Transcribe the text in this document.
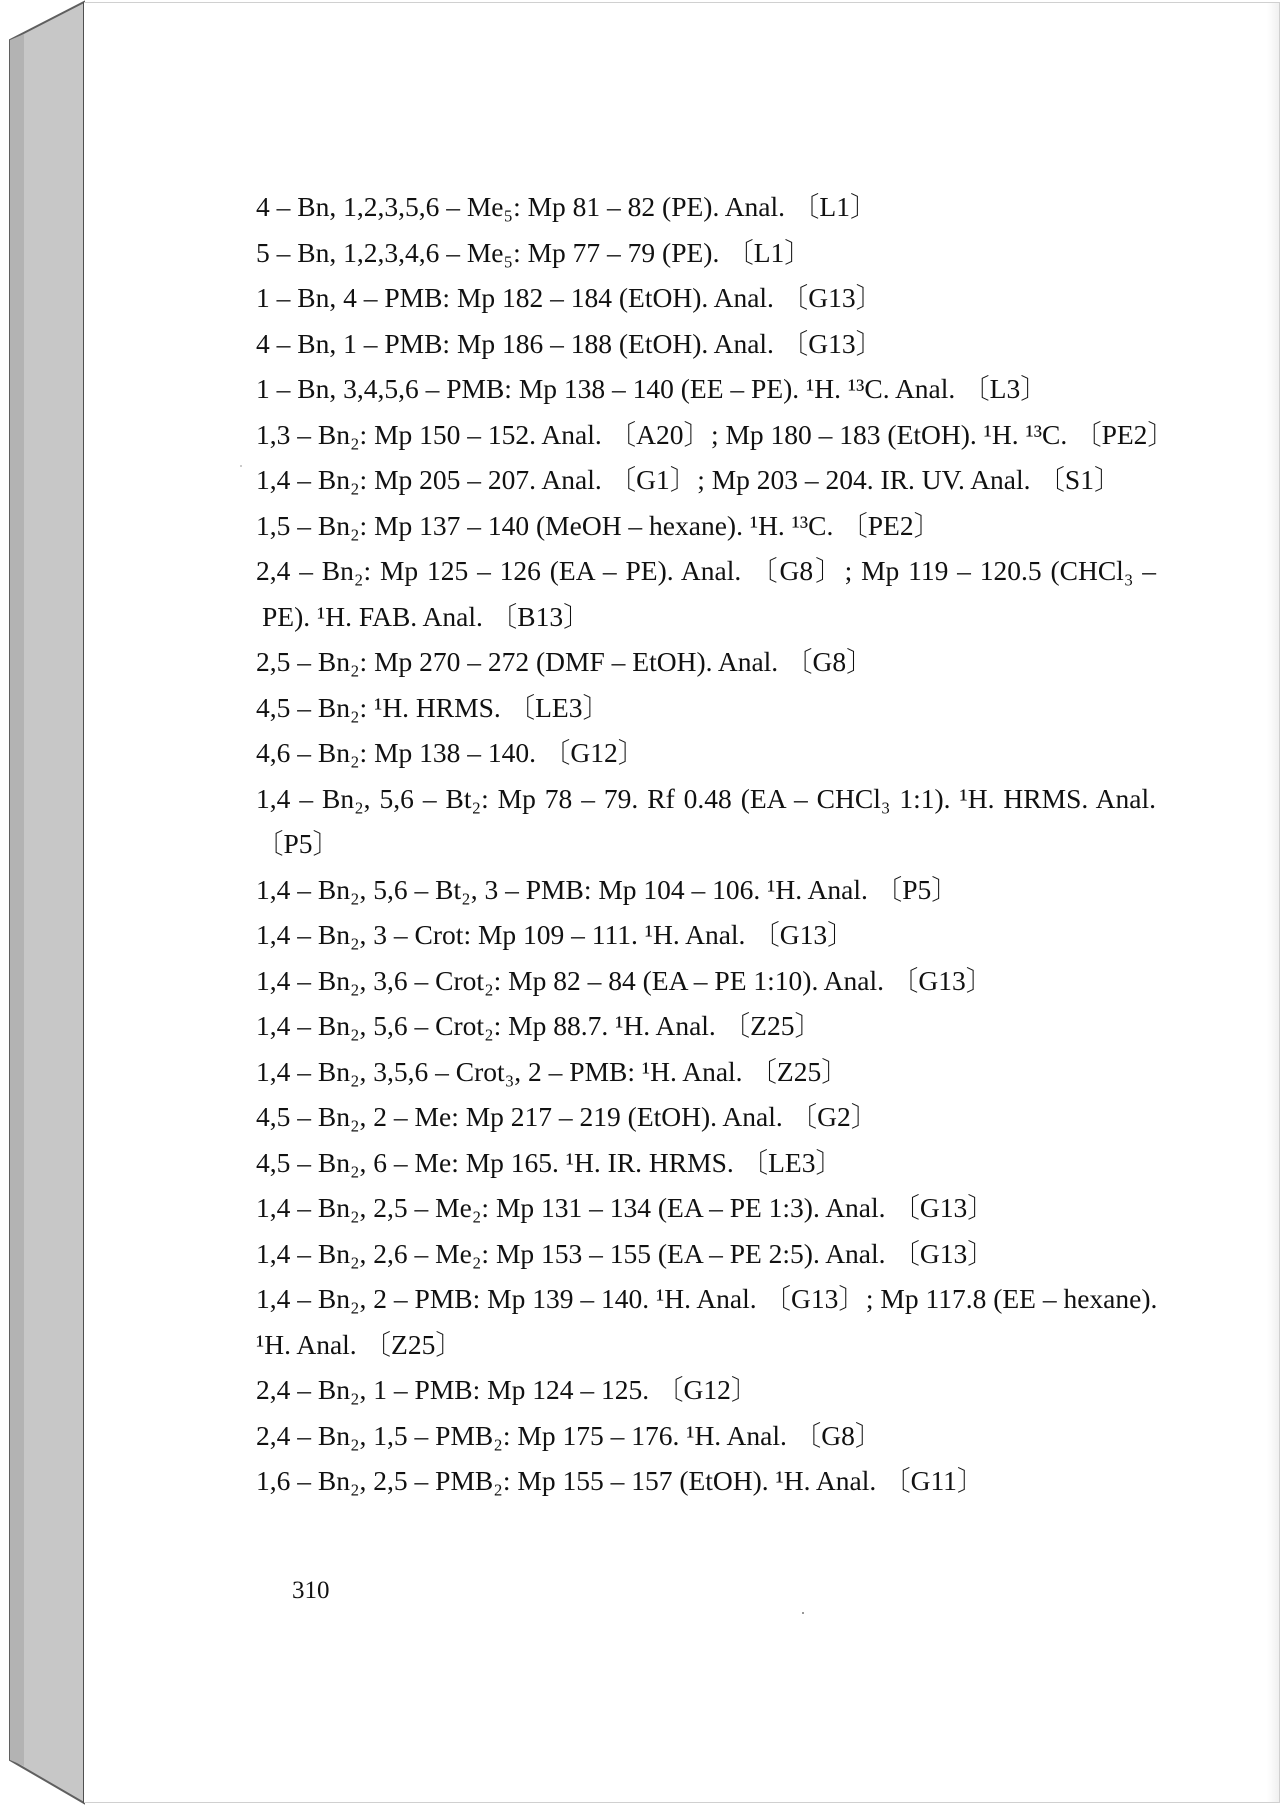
4 – Bn, 1,2,3,5,6 – Me₅: Mp 81 – 82 (PE). Anal. 〔L1〕
5 – Bn, 1,2,3,4,6 – Me₅: Mp 77 – 79 (PE). 〔L1〕
1 – Bn, 4 – PMB: Mp 182 – 184 (EtOH). Anal. 〔G13〕
4 – Bn, 1 – PMB: Mp 186 – 188 (EtOH). Anal. 〔G13〕
1 – Bn, 3,4,5,6 – PMB: Mp 138 – 140 (EE – PE). ¹H. ¹³C. Anal. 〔L3〕
1,3 – Bn₂: Mp 150 – 152. Anal. 〔A20〕; Mp 180 – 183 (EtOH). ¹H. ¹³C. 〔PE2〕
1,4 – Bn₂: Mp 205 – 207. Anal. 〔G1〕; Mp 203 – 204. IR. UV. Anal. 〔S1〕
1,5 – Bn₂: Mp 137 – 140 (MeOH – hexane). ¹H. ¹³C. 〔PE2〕
2,4 – Bn₂: Mp 125 – 126 (EA – PE). Anal. 〔G8〕; Mp 119 – 120.5 (CHCl₃ –
PE). ¹H. FAB. Anal. 〔B13〕
2,5 – Bn₂: Mp 270 – 272 (DMF – EtOH). Anal. 〔G8〕
4,5 – Bn₂: ¹H. HRMS. 〔LE3〕
4,6 – Bn₂: Mp 138 – 140. 〔G12〕
1,4 – Bn₂, 5,6 – Bt₂: Mp 78 – 79. Rf 0.48 (EA – CHCl₃ 1:1). ¹H. HRMS. Anal.
〔P5〕
1,4 – Bn₂, 5,6 – Bt₂, 3 – PMB: Mp 104 – 106. ¹H. Anal. 〔P5〕
1,4 – Bn₂, 3 – Crot: Mp 109 – 111. ¹H. Anal. 〔G13〕
1,4 – Bn₂, 3,6 – Crot₂: Mp 82 – 84 (EA – PE 1:10). Anal. 〔G13〕
1,4 – Bn₂, 5,6 – Crot₂: Mp 88.7. ¹H. Anal. 〔Z25〕
1,4 – Bn₂, 3,5,6 – Crot₃, 2 – PMB: ¹H. Anal. 〔Z25〕
4,5 – Bn₂, 2 – Me: Mp 217 – 219 (EtOH). Anal. 〔G2〕
4,5 – Bn₂, 6 – Me: Mp 165. ¹H. IR. HRMS. 〔LE3〕
1,4 – Bn₂, 2,5 – Me₂: Mp 131 – 134 (EA – PE 1:3). Anal. 〔G13〕
1,4 – Bn₂, 2,6 – Me₂: Mp 153 – 155 (EA – PE 2:5). Anal. 〔G13〕
1,4 – Bn₂, 2 – PMB: Mp 139 – 140. ¹H. Anal. 〔G13〕; Mp 117.8 (EE – hexane).
¹H. Anal. 〔Z25〕
2,4 – Bn₂, 1 – PMB: Mp 124 – 125. 〔G12〕
2,4 – Bn₂, 1,5 – PMB₂: Mp 175 – 176. ¹H. Anal. 〔G8〕
1,6 – Bn₂, 2,5 – PMB₂: Mp 155 – 157 (EtOH). ¹H. Anal. 〔G11〕
310
